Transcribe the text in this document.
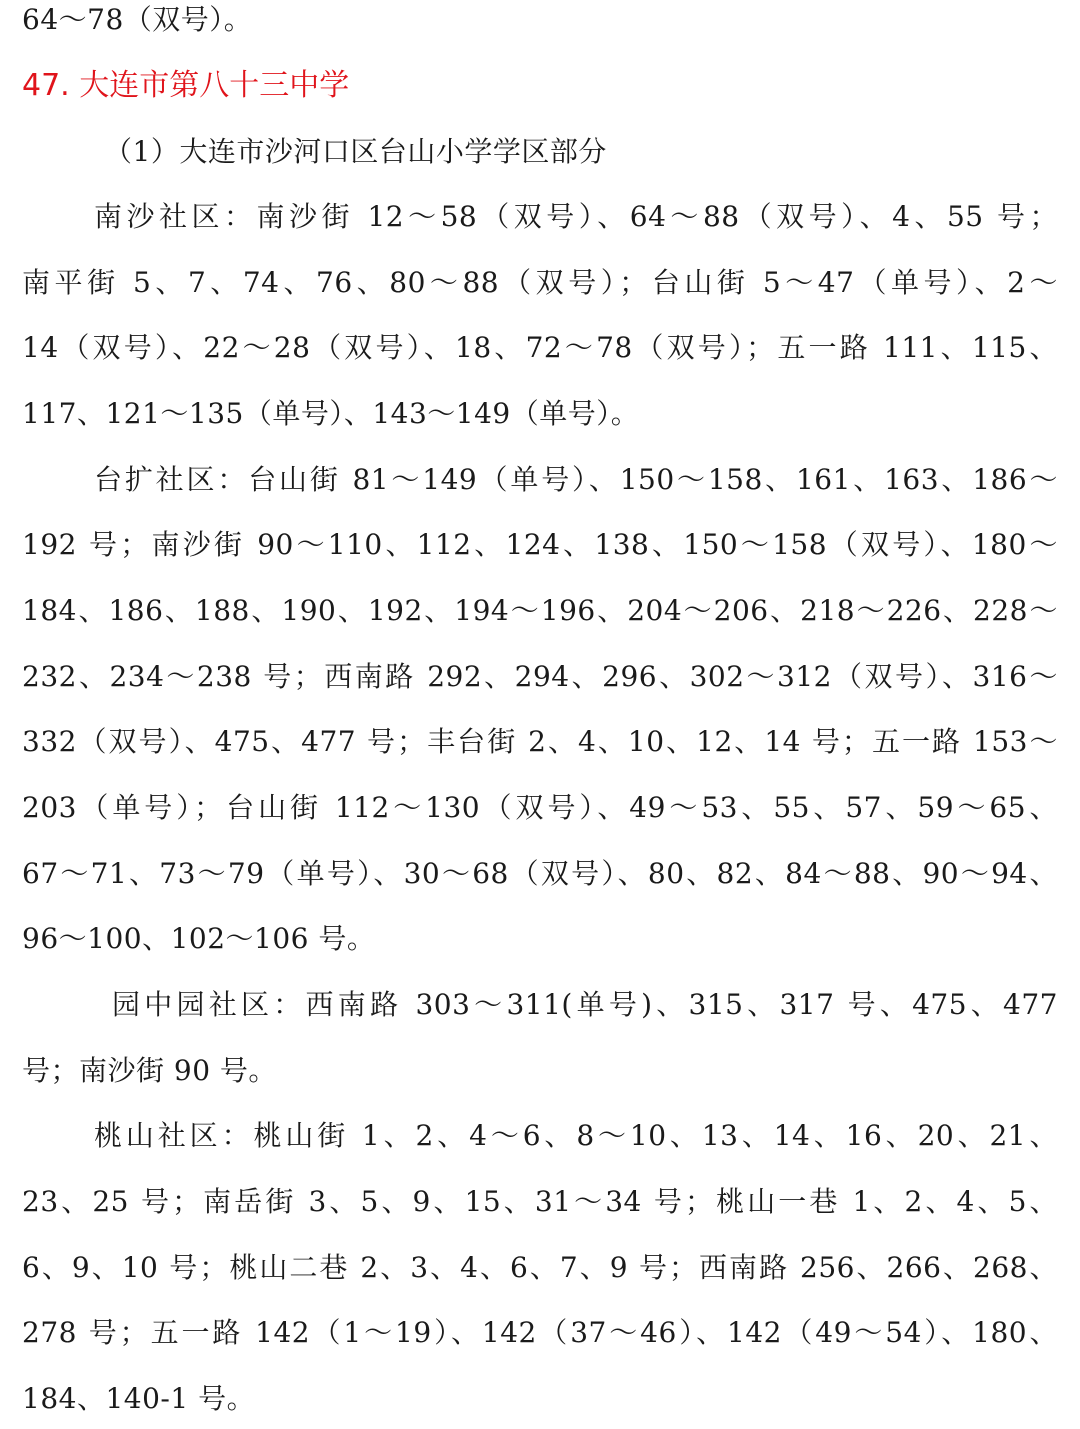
64～78（双号）。
47. 大连市第八十三中学
（1）大连市沙河口区台山小学学区部分
南沙社区：南沙街 12～58（双号）、64～88（双号）、4、55 号；
南平街 5、7、74、76、80～88（双号）；台山街 5～47（单号）、2～
14（双号）、22～28（双号）、18、72～78（双号）；五一路 111、115、
117、121～135（单号）、143～149（单号）。
台扩社区：台山街 81～149（单号）、150～158、161、163、186～
192 号；南沙街 90～110、112、124、138、150～158（双号）、180～
184、186、188、190、192、194～196、204～206、218～226、228～
232、234～238 号；西南路 292、294、296、302～312（双号）、316～
332（双号）、475、477 号；丰台街 2、4、10、12、14 号；五一路 153～
203（单号）；台山街 112～130（双号）、49～53、55、57、59～65、
67～71、73～79（单号）、30～68（双号）、80、82、84～88、90～94、
96～100、102～106 号。
园中园社区：西南路 303～311(单号)、315、317 号、475、477
号；南沙街 90 号。
桃山社区：桃山街 1、2、4～6、8～10、13、14、16、20、21、
23、25 号；南岳街 3、5、9、15、31～34 号；桃山一巷 1、2、4、5、
6、9、10 号；桃山二巷 2、3、4、6、7、9 号；西南路 256、266、268、
278 号；五一路 142（1～19）、142（37～46）、142（49～54）、180、
184、140-1 号。
